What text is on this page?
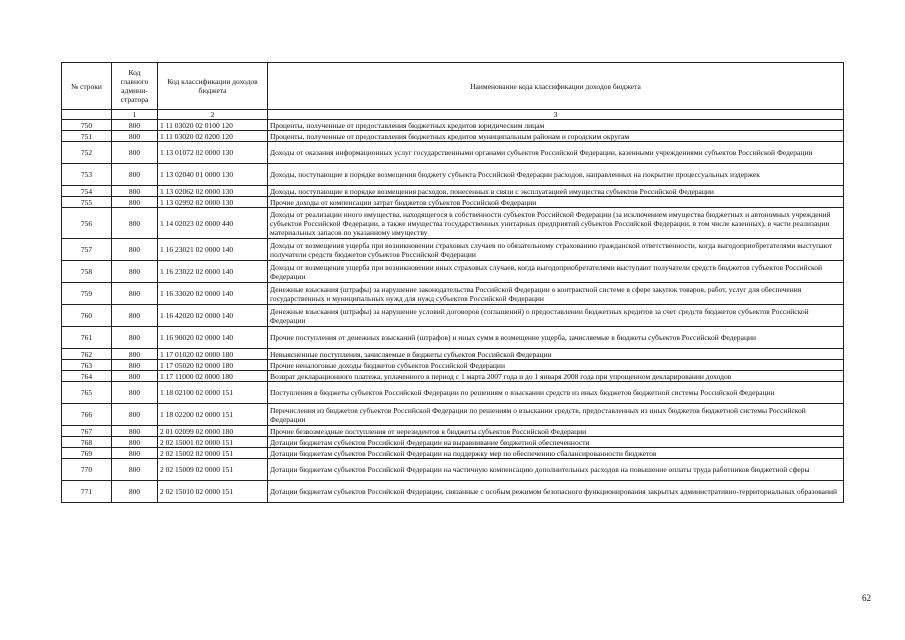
№ строки	Код главного админи-стратора	Код классификации доходов бюджета	Наименование кода классификации доходов бюджета
	1	2	3
750	800	1 11 03020 02 0100 120	Проценты, полученные от предоставления бюджетных кредитов юридическим лицам
751	800	1 11 03020 02 0200 120	Проценты, полученные от предоставления бюджетных кредитов муниципальным районам и городским округам
752	800	1 13 01072 02 0000 130	Доходы от оказания информационных услуг государственными органами субъектов Российской Федерации, казенными учреждениями субъектов Российской Федерации
753	800	1 13 02040 01 0000 130	Доходы, поступающие в порядке возмещения бюджету субъекта Российской Федерации расходов, направленных на покрытие процессуальных издержек
754	800	1 13 02062 02 0000 130	Доходы, поступающие в порядке возмещения расходов, понесенных в связи с эксплуатацией имущества субъектов Российской Федерации
755	800	1 13 02992 02 0000 130	Прочие доходы от компенсации затрат бюджетов субъектов Российской Федерации
756	800	1 14 02023 02 0000 440	Доходы от реализации иного имущества, находящегося в собственности субъектов Российской Федерации (за исключением имущества бюджетных и автономных учреждений субъектов Российской Федерации, а также имущества государственных унитарных предприятий субъектов Российской Федерации, в том числе казенных), в части реализации материальных запасов по указанному имуществу
757	800	1 16 23021 02 0000 140	Доходы от возмещения ущерба при возникновении страховых случаев по обязательному страхованию гражданской ответственности, когда выгодоприобретателями выступают получатели средств бюджетов субъектов Российской Федерации
758	800	1 16 23022 02 0000 140	Доходы от возмещения ущерба при возникновении иных страховых случаев, когда выгодоприобретателями выступают получатели средств бюджетов субъектов Российской Федерации
759	800	1 16 33020 02 0000 140	Денежные взыскания (штрафы) за нарушение законодательства Российской Федерации о контрактной системе в сфере закупок товаров, работ, услуг для обеспечения государственных и муниципальных нужд для нужд субъектов Российской Федерации
760	800	1 16 42020 02 0000 140	Денежные взыскания (штрафы) за нарушение условий договоров (соглашений) о предоставлении бюджетных кредитов за счет средств бюджетов субъектов Российской Федерации
761	800	1 16 90020 02 0000 140	Прочие поступления от денежных взысканий (штрафов) и иных сумм в возмещение ущерба, зачисляемые в бюджеты субъектов Российской Федерации
762	800	1 17 01020 02 0000 180	Невыясненные поступления, зачисляемые в бюджеты субъектов Российской Федерации
763	800	1 17 05020 02 0000 180	Прочие неналоговые доходы бюджетов субъектов Российской Федерации
764	800	1 17 11000 02 0000 180	Возврат декларационного платежа, уплаченного в период с 1 марта 2007 года и до 1 января 2008 года при упрощенном декларировании доходов
765	800	1 18 02100 02 0000 151	Поступления в бюджеты субъектов Российской Федерации по решениям о взыскании средств из иных бюджетов бюджетной системы Российской Федерации
766	800	1 18 02200 02 0000 151	Перечисления из бюджетов субъектов Российской Федерации по решениям о взыскании средств, предоставленных из иных бюджетов бюджетной системы Российской Федерации
767	800	2 01 02099 02 0000 180	Прочие безвозмездные поступления от нерезидентов в бюджеты субъектов Российской Федерации
768	800	2 02 15001 02 0000 151	Дотации бюджетам субъектов Российской Федерации на выравнивание бюджетной обеспеченности
769	800	2 02 15002 02 0000 151	Дотации бюджетам субъектов Российской Федерации на поддержку мер по обеспечению сбалансированности бюджетов
770	800	2 02 15009 02 0000 151	Дотации бюджетам субъектов Российской Федерации на частичную компенсацию дополнительных расходов на повышение оплаты труда работников бюджетной сферы
771	800	2 02 15010 02 0000 151	Дотации бюджетам субъектов Российской Федерации, связанные с особым режимом безопасного функционирования закрытых административно-территориальных образований
62
